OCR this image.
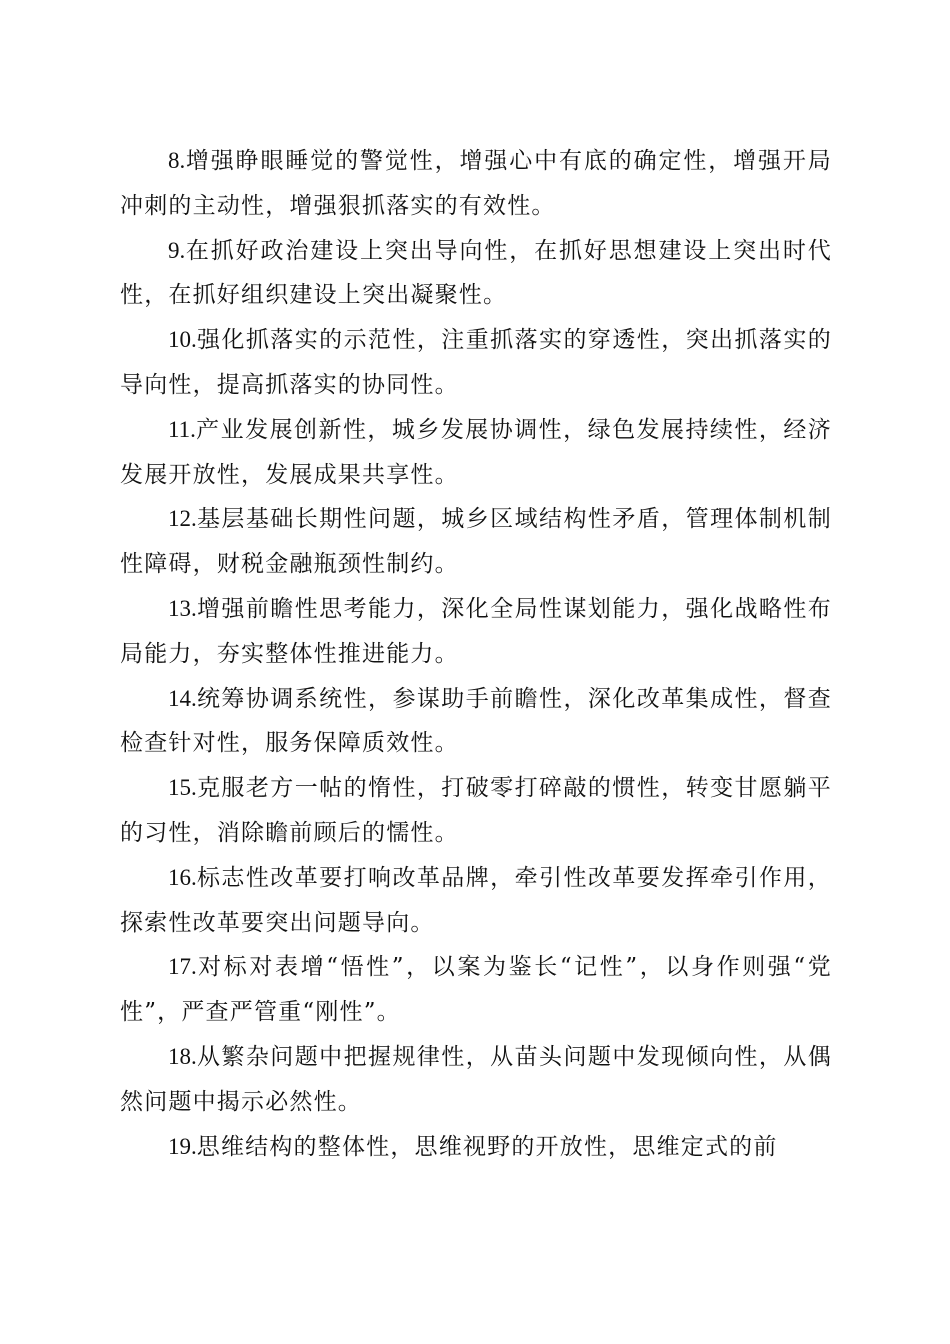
8.增强睁眼睡觉的警觉性，增强心中有底的确定性，增强开局冲刺的主动性，增强狠抓落实的有效性。

9.在抓好政治建设上突出导向性，在抓好思想建设上突出时代性，在抓好组织建设上突出凝聚性。

10.强化抓落实的示范性，注重抓落实的穿透性，突出抓落实的导向性，提高抓落实的协同性。

11.产业发展创新性，城乡发展协调性，绿色发展持续性，经济发展开放性，发展成果共享性。

12.基层基础长期性问题，城乡区域结构性矛盾，管理体制机制性障碍，财税金融瓶颈性制约。

13.增强前瞻性思考能力，深化全局性谋划能力，强化战略性布局能力，夯实整体性推进能力。

14.统筹协调系统性，参谋助手前瞻性，深化改革集成性，督查检查针对性，服务保障质效性。

15.克服老方一帖的惰性，打破零打碎敲的惯性，转变甘愿躺平的习性，消除瞻前顾后的懦性。

16.标志性改革要打响改革品牌，牵引性改革要发挥牵引作用，探索性改革要突出问题导向。

17.对标对表增“悟性”，以案为鉴长“记性”，以身作则强“党性”，严查严管重“刚性”。

18.从繁杂问题中把握规律性，从苗头问题中发现倾向性，从偶然问题中揭示必然性。

19.思维结构的整体性，思维视野的开放性，思维定式的前
